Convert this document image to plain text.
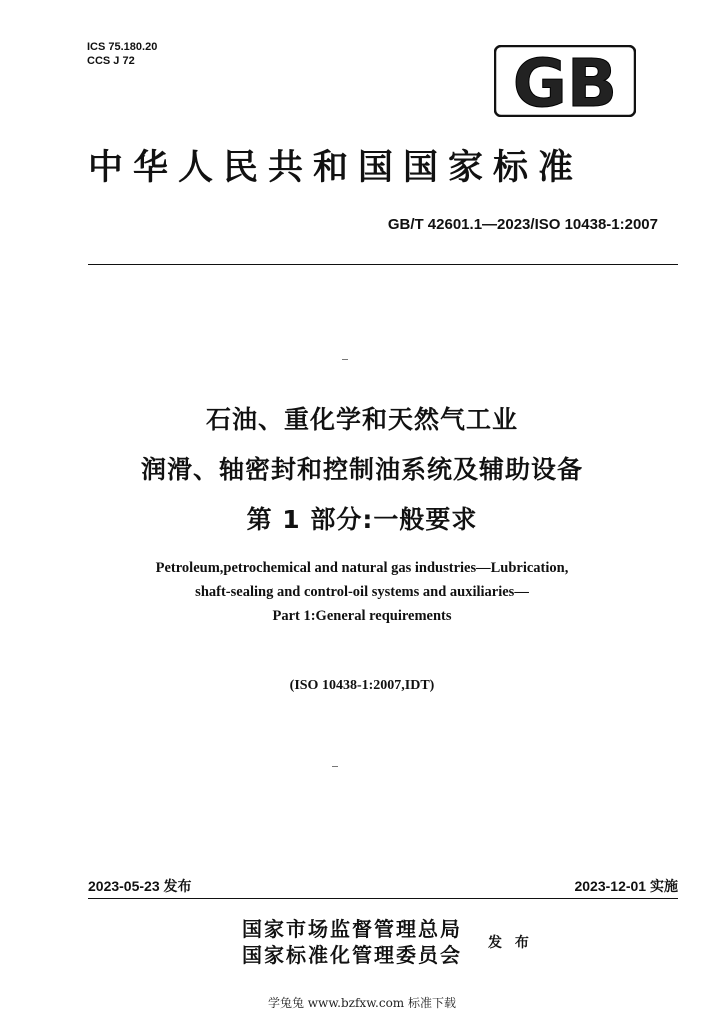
ICS 75.180.20
CCS J 72	GB
中华人民共和国国家标准
GB/T 42601.1—2023/ISO 10438-1:2007
石油、重化学和天然气工业
润滑、轴密封和控制油系统及辅助设备
第 1 部分:一般要求
Petroleum,petrochemical and natural gas industries—Lubrication,
shaft-sealing and control-oil systems and auxiliaries—
Part 1:General requirements
(ISO 10438-1:2007,IDT)
2023-05-23 发布	2023-12-01 实施
国家市场监督管理总局
国家标准化管理委员会 发 布
学兔兔 www.bzfxw.com 标准下载
